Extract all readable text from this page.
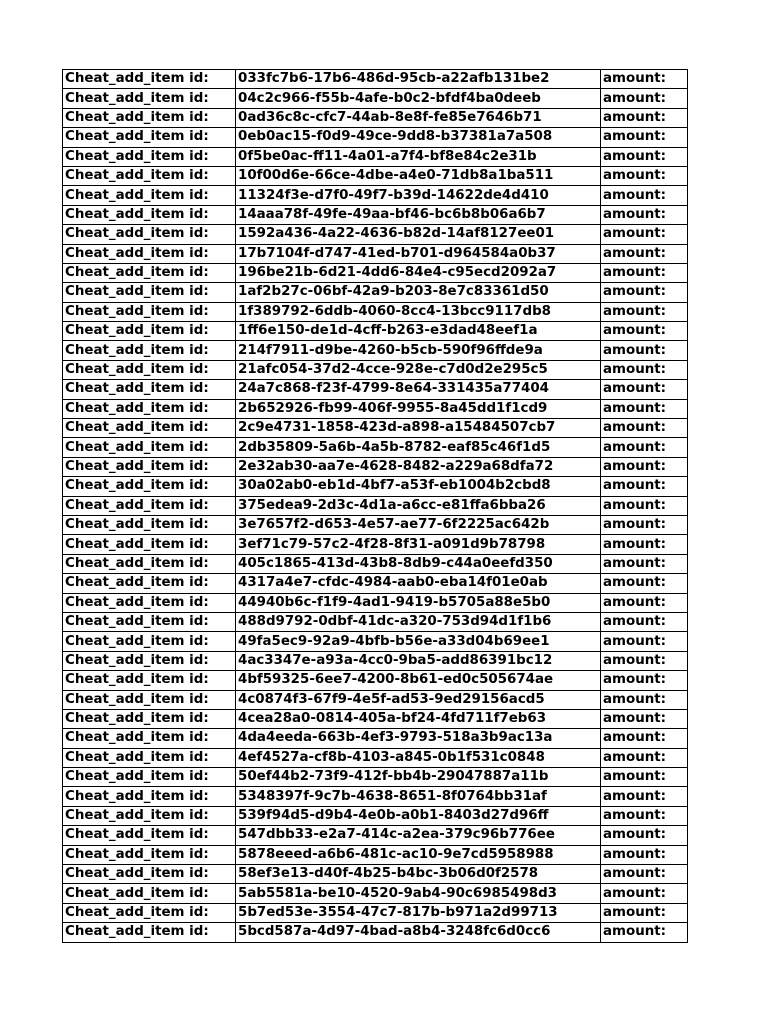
Cheat_add_item id:	033fc7b6-17b6-486d-95cb-a22afb131be2	amount:
Cheat_add_item id:	04c2c966-f55b-4afe-b0c2-bfdf4ba0deeb	amount:
Cheat_add_item id:	0ad36c8c-cfc7-44ab-8e8f-fe85e7646b71	amount:
Cheat_add_item id:	0eb0ac15-f0d9-49ce-9dd8-b37381a7a508	amount:
Cheat_add_item id:	0f5be0ac-ff11-4a01-a7f4-bf8e84c2e31b	amount:
Cheat_add_item id:	10f00d6e-66ce-4dbe-a4e0-71db8a1ba511	amount:
Cheat_add_item id:	11324f3e-d7f0-49f7-b39d-14622de4d410	amount:
Cheat_add_item id:	14aaa78f-49fe-49aa-bf46-bc6b8b06a6b7	amount:
Cheat_add_item id:	1592a436-4a22-4636-b82d-14af8127ee01	amount:
Cheat_add_item id:	17b7104f-d747-41ed-b701-d964584a0b37	amount:
Cheat_add_item id:	196be21b-6d21-4dd6-84e4-c95ecd2092a7	amount:
Cheat_add_item id:	1af2b27c-06bf-42a9-b203-8e7c83361d50	amount:
Cheat_add_item id:	1f389792-6ddb-4060-8cc4-13bcc9117db8	amount:
Cheat_add_item id:	1ff6e150-de1d-4cff-b263-e3dad48eef1a	amount:
Cheat_add_item id:	214f7911-d9be-4260-b5cb-590f96ffde9a	amount:
Cheat_add_item id:	21afc054-37d2-4cce-928e-c7d0d2e295c5	amount:
Cheat_add_item id:	24a7c868-f23f-4799-8e64-331435a77404	amount:
Cheat_add_item id:	2b652926-fb99-406f-9955-8a45dd1f1cd9	amount:
Cheat_add_item id:	2c9e4731-1858-423d-a898-a15484507cb7	amount:
Cheat_add_item id:	2db35809-5a6b-4a5b-8782-eaf85c46f1d5	amount:
Cheat_add_item id:	2e32ab30-aa7e-4628-8482-a229a68dfa72	amount:
Cheat_add_item id:	30a02ab0-eb1d-4bf7-a53f-eb1004b2cbd8	amount:
Cheat_add_item id:	375edea9-2d3c-4d1a-a6cc-e81ffa6bba26	amount:
Cheat_add_item id:	3e7657f2-d653-4e57-ae77-6f2225ac642b	amount:
Cheat_add_item id:	3ef71c79-57c2-4f28-8f31-a091d9b78798	amount:
Cheat_add_item id:	405c1865-413d-43b8-8db9-c44a0eefd350	amount:
Cheat_add_item id:	4317a4e7-cfdc-4984-aab0-eba14f01e0ab	amount:
Cheat_add_item id:	44940b6c-f1f9-4ad1-9419-b5705a88e5b0	amount:
Cheat_add_item id:	488d9792-0dbf-41dc-a320-753d94d1f1b6	amount:
Cheat_add_item id:	49fa5ec9-92a9-4bfb-b56e-a33d04b69ee1	amount:
Cheat_add_item id:	4ac3347e-a93a-4cc0-9ba5-add86391bc12	amount:
Cheat_add_item id:	4bf59325-6ee7-4200-8b61-ed0c505674ae	amount:
Cheat_add_item id:	4c0874f3-67f9-4e5f-ad53-9ed29156acd5	amount:
Cheat_add_item id:	4cea28a0-0814-405a-bf24-4fd711f7eb63	amount:
Cheat_add_item id:	4da4eeda-663b-4ef3-9793-518a3b9ac13a	amount:
Cheat_add_item id:	4ef4527a-cf8b-4103-a845-0b1f531c0848	amount:
Cheat_add_item id:	50ef44b2-73f9-412f-bb4b-29047887a11b	amount:
Cheat_add_item id:	5348397f-9c7b-4638-8651-8f0764bb31af	amount:
Cheat_add_item id:	539f94d5-d9b4-4e0b-a0b1-8403d27d96ff	amount:
Cheat_add_item id:	547dbb33-e2a7-414c-a2ea-379c96b776ee	amount:
Cheat_add_item id:	5878eeed-a6b6-481c-ac10-9e7cd5958988	amount:
Cheat_add_item id:	58ef3e13-d40f-4b25-b4bc-3b06d0f2578	amount:
Cheat_add_item id:	5ab5581a-be10-4520-9ab4-90c6985498d3	amount:
Cheat_add_item id:	5b7ed53e-3554-47c7-817b-b971a2d99713	amount:
Cheat_add_item id:	5bcd587a-4d97-4bad-a8b4-3248fc6d0cc6	amount:
